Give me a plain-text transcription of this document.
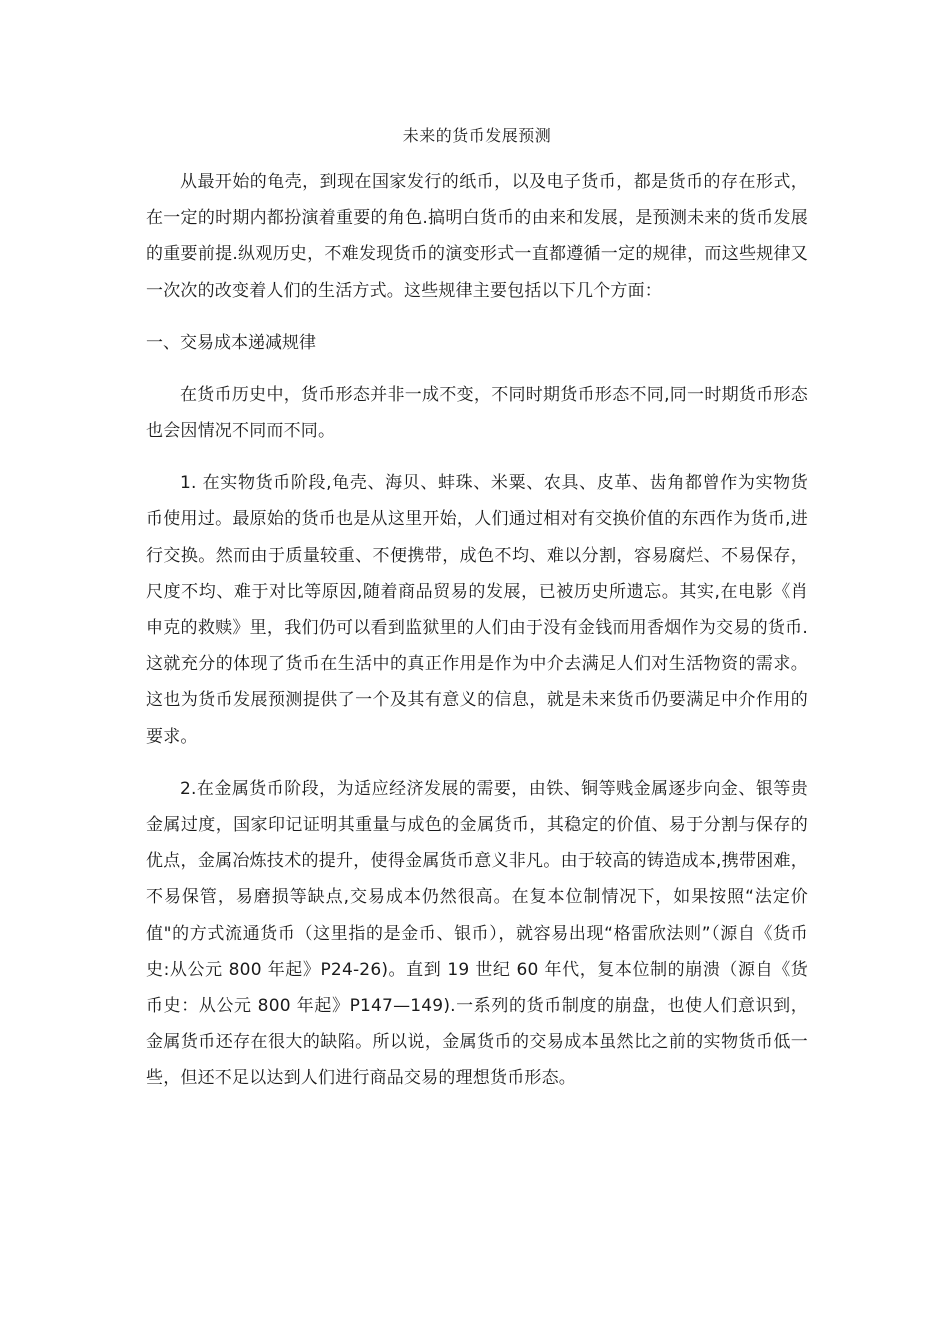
未来的货币发展预测

从最开始的龟壳，到现在国家发行的纸币，以及电子货币，都是货币的存在形式，在一定的时期内都扮演着重要的角色.搞明白货币的由来和发展，是预测未来的货币发展的重要前提.纵观历史，不难发现货币的演变形式一直都遵循一定的规律，而这些规律又一次次的改变着人们的生活方式。这些规律主要包括以下几个方面：

一、交易成本递减规律

在货币历史中，货币形态并非一成不变，不同时期货币形态不同,同一时期货币形态也会因情况不同而不同。

1. 在实物货币阶段,龟壳、海贝、蚌珠、米粟、农具、皮革、齿角都曾作为实物货币使用过。最原始的货币也是从这里开始，人们通过相对有交换价值的东西作为货币,进行交换。然而由于质量较重、不便携带，成色不均、难以分割，容易腐烂、不易保存，尺度不均、难于对比等原因,随着商品贸易的发展，已被历史所遗忘。其实,在电影《肖申克的救赎》里，我们仍可以看到监狱里的人们由于没有金钱而用香烟作为交易的货币.这就充分的体现了货币在生活中的真正作用是作为中介去满足人们对生活物资的需求。这也为货币发展预测提供了一个及其有意义的信息，就是未来货币仍要满足中介作用的要求。

2.在金属货币阶段，为适应经济发展的需要，由铁、铜等贱金属逐步向金、银等贵金属过度，国家印记证明其重量与成色的金属货币，其稳定的价值、易于分割与保存的优点，金属冶炼技术的提升，使得金属货币意义非凡。由于较高的铸造成本,携带困难，不易保管，易磨损等缺点,交易成本仍然很高。在复本位制情况下，如果按照“法定价值"的方式流通货币（这里指的是金币、银币），就容易出现“格雷欣法则”（源自《货币史:从公元 800 年起》P24-26)。直到 19 世纪 60 年代，复本位制的崩溃（源自《货币史：从公元 800 年起》P147—149).一系列的货币制度的崩盘，也使人们意识到，金属货币还存在很大的缺陷。所以说，金属货币的交易成本虽然比之前的实物货币低一些，但还不足以达到人们进行商品交易的理想货币形态。
